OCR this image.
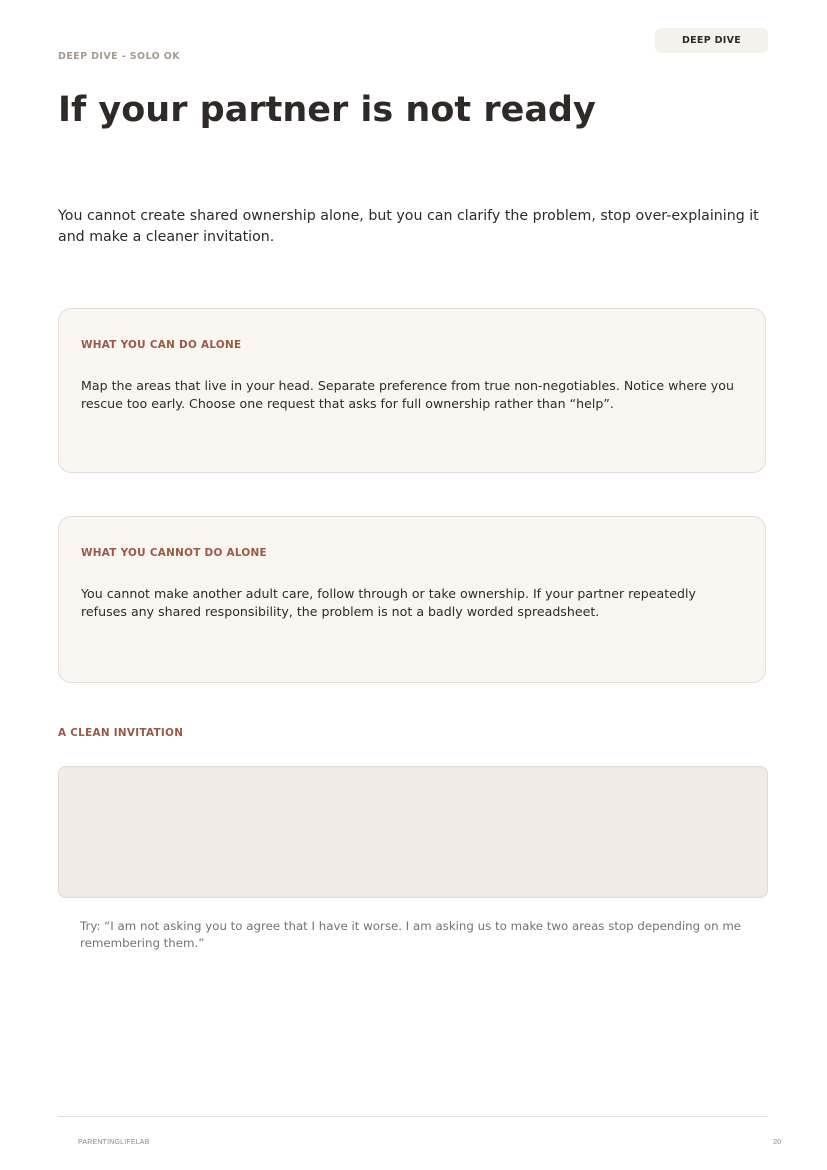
DEEP DIVE
DEEP DIVE - SOLO OK
If your partner is not ready

You cannot create shared ownership alone, but you can clarify the problem, stop over-explaining it and make a cleaner invitation.

WHAT YOU CAN DO ALONE
Map the areas that live in your head. Separate preference from true non-negotiables. Notice where you rescue too early. Choose one request that asks for full ownership rather than “help”.
WHAT YOU CANNOT DO ALONE
You cannot make another adult care, follow through or take ownership. If your partner repeatedly refuses any shared responsibility, the problem is not a badly worded spreadsheet.
A CLEAN INVITATION
Try: “I am not asking you to agree that I have it worse. I am asking us to make two areas stop depending on me remembering them.”
PARENTINGLIFELAB	20
